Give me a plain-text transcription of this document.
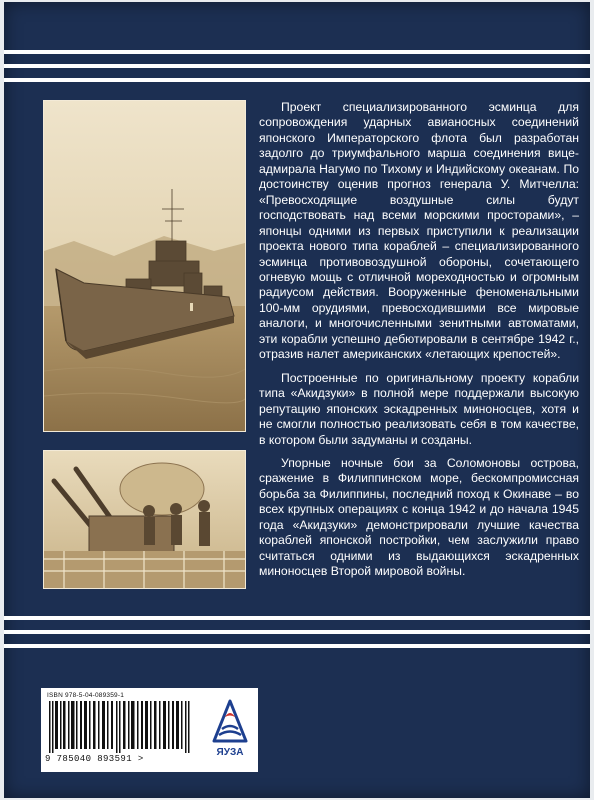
Проект специализированного эсминца для сопровождения ударных авианосных соединений японского Императорского флота был разработан задолго до триумфального марша соединения вице-адмирала Нагумо по Тихому и Индийскому океанам. По достоинству оценив прогноз генерала У. Митчелла: «Превосходящие воздушные силы будут господствовать над всеми морскими просторами», – японцы одними из первых приступили к реализации проекта нового типа кораблей – специализированного эсминца противовоздушной обороны, сочетающего огневую мощь с отличной мореходностью и огромным радиусом действия. Вооруженные феноменальными 100-мм орудиями, превосходившими все мировые аналоги, и многочисленными зенитными автоматами, эти корабли успешно дебютировали в сентябре 1942 г., отразив налет американских «летающих крепостей».

Построенные по оригинальному проекту корабли типа «Акидзуки» в полной мере поддержали высокую репутацию японских эскадренных миноносцев, хотя и не смогли полностью реализовать себя в том качестве, в котором были задуманы и созданы.

Упорные ночные бои за Соломоновы острова, сражение в Филиппинском море, бескомпромиссная борьба за Филиппины, последний поход к Окинаве – во всех крупных операциях с конца 1942 и до начала 1945 года «Акидзуки» демонстрировали лучшие качества кораблей японской постройки, чем заслужили право считаться одними из выдающихся эскадренных миноносцев Второй мировой войны.

ISBN 978-5-04-089359-1
9 785040 893591 >
ЯУЗА
